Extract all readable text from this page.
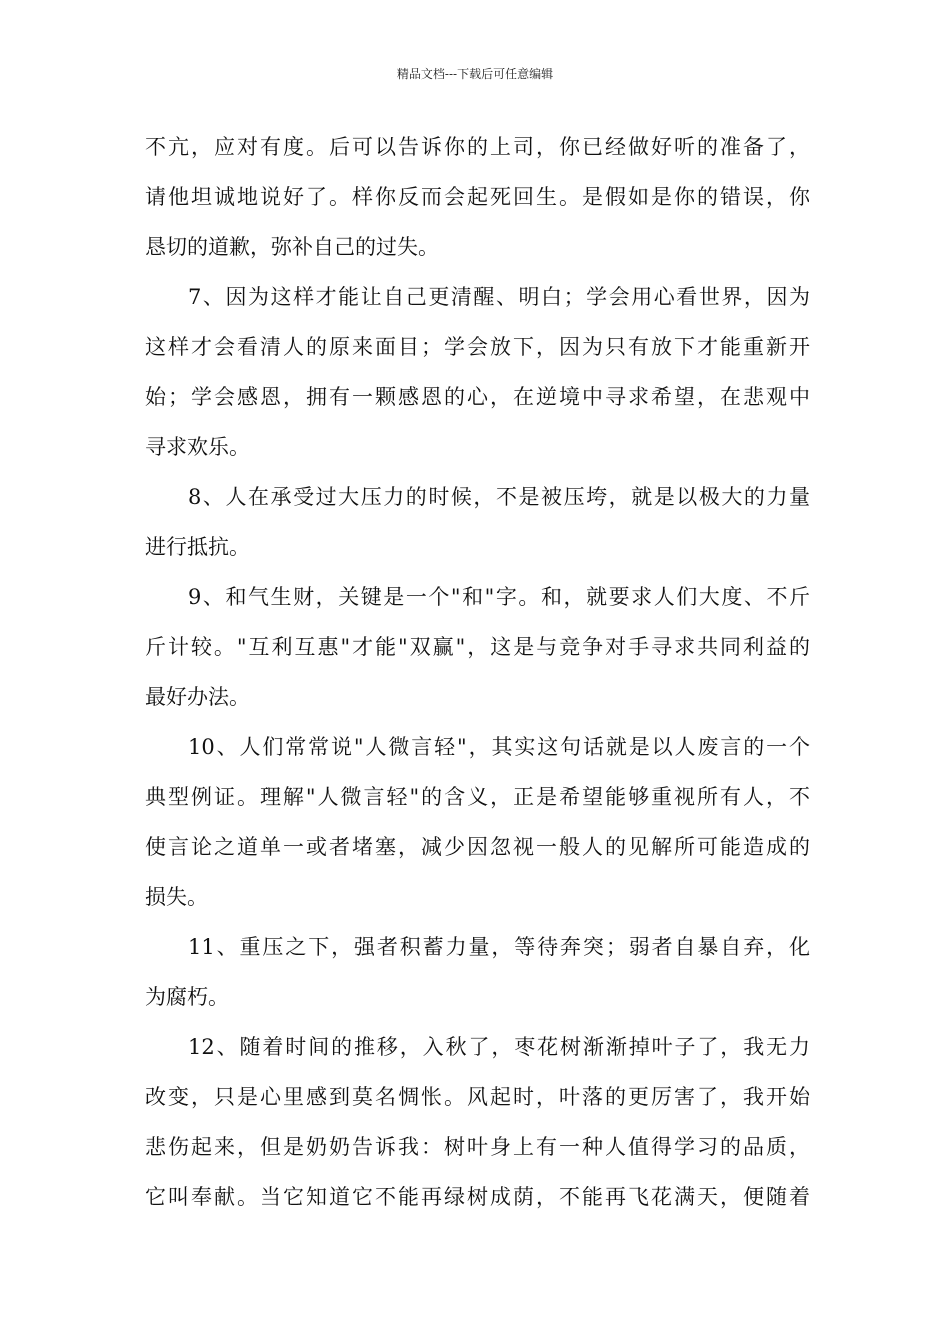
精品文档---下载后可任意编辑
不亢，应对有度。后可以告诉你的上司，你已经做好听的准备了，
请他坦诚地说好了。样你反而会起死回生。是假如是你的错误，你
恳切的道歉，弥补自己的过失。
7、因为这样才能让自己更清醒、明白；学会用心看世界，因为
这样才会看清人的原来面目；学会放下，因为只有放下才能重新开
始；学会感恩，拥有一颗感恩的心，在逆境中寻求希望，在悲观中
寻求欢乐。
8、人在承受过大压力的时候，不是被压垮，就是以极大的力量
进行抵抗。
9、和气生财，关键是一个"和"字。和，就要求人们大度、不斤
斤计较。"互利互惠"才能"双赢"，这是与竞争对手寻求共同利益的
最好办法。
10、人们常常说"人微言轻"，其实这句话就是以人废言的一个
典型例证。理解"人微言轻"的含义，正是希望能够重视所有人，不
使言论之道单一或者堵塞，减少因忽视一般人的见解所可能造成的
损失。
11、重压之下，强者积蓄力量，等待奔突；弱者自暴自弃，化
为腐朽。
12、随着时间的推移，入秋了，枣花树渐渐掉叶子了，我无力
改变，只是心里感到莫名惆怅。风起时，叶落的更厉害了，我开始
悲伤起来，但是奶奶告诉我：树叶身上有一种人值得学习的品质，
它叫奉献。当它知道它不能再绿树成荫，不能再飞花满天，便随着
